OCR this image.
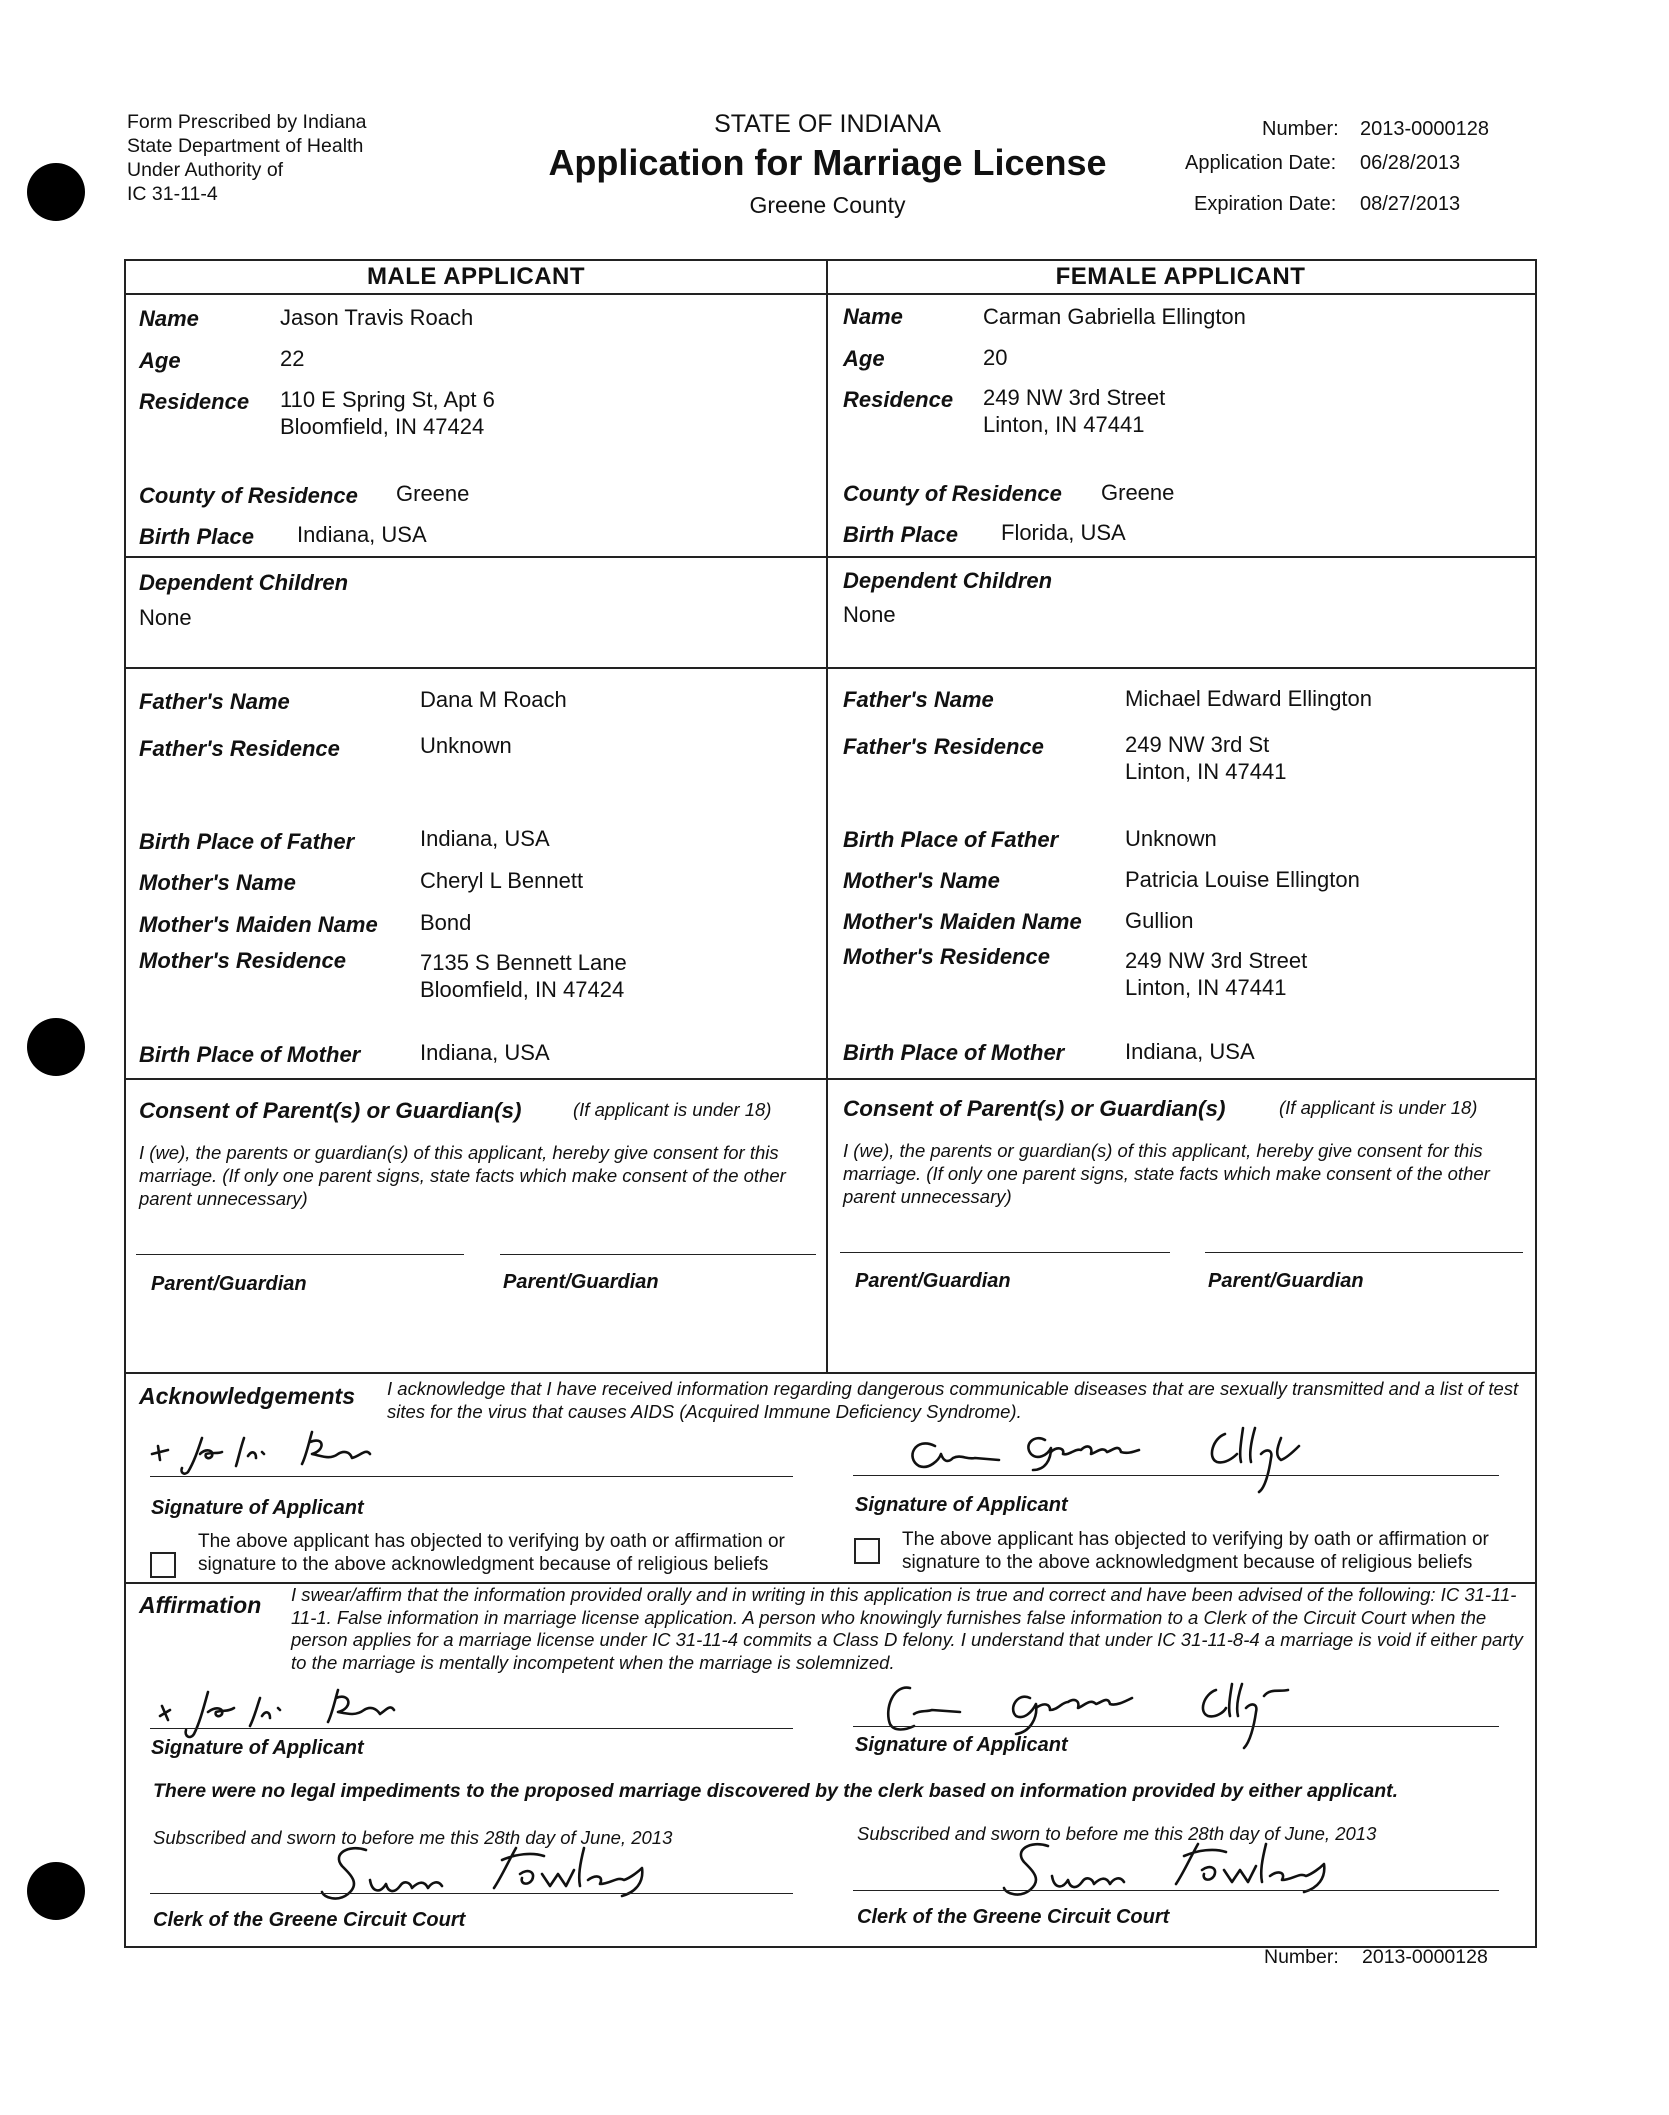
Form Prescribed by Indiana
State Department of Health
Under Authority of
IC 31-11-4
STATE OF INDIANA
Application for Marriage License
Greene County
Number: 2013-0000128
Application Date: 06/28/2013
Expiration Date: 08/27/2013
MALE APPLICANT	FEMALE APPLICANT
Name	Jason Travis Roach
Age	22
Residence 110 E Spring St, Apt 6
Bloomfield, IN 47424
County of Residence Greene
Birth Place Indiana, USA
Dependent Children
None
Father's Name	Dana M Roach
Father's Residence	Unknown
Birth Place of Father	Indiana, USA
Mother's Name	Cheryl L Bennett
Mother's Maiden Name Bond
Mother's Residence	7135 S Bennett Lane
Bloomfield, IN 47424
Birth Place of Mother	Indiana, USA
Name	Carman Gabriella Ellington
Age	20
Residence 249 NW 3rd Street
Linton, IN 47441
County of Residence Greene
Birth Place Florida, USA
Dependent Children
None
Father's Name	Michael Edward Ellington
Father's Residence	249 NW 3rd St
Linton, IN 47441
Birth Place of Father	Unknown
Mother's Name	Patricia Louise Ellington
Mother's Maiden Name Gullion
Mother's Residence	249 NW 3rd Street
Linton, IN 47441
Birth Place of Mother	Indiana, USA
Consent of Parent(s) or Guardian(s)	(If applicant is under 18)
I (we), the parents or guardian(s) of this applicant, hereby give consent for this marriage. (If only one parent signs, state facts which make consent of the other parent unnecessary)
Parent/Guardian	Parent/Guardian
Consent of Parent(s) or Guardian(s)	(If applicant is under 18)
I (we), the parents or guardian(s) of this applicant, hereby give consent for this marriage. (If only one parent signs, state facts which make consent of the other parent unnecessary)
Parent/Guardian	Parent/Guardian
Acknowledgements I acknowledge that I have received information regarding dangerous communicable diseases that are sexually transmitted and a list of test sites for the virus that causes AIDS (Acquired Immune Deficiency Syndrome).
Signature of Applicant
The above applicant has objected to verifying by oath or affirmation or signature to the above acknowledgment because of religious beliefs
Signature of Applicant
The above applicant has objected to verifying by oath or affirmation or signature to the above acknowledgment because of religious beliefs
Affirmation I swear/affirm that the information provided orally and in writing in this application is true and correct and have been advised of the following: IC 31-11-11-1. False information in marriage license application. A person who knowingly furnishes false information to a Clerk of the Circuit Court when the person applies for a marriage license under IC 31-11-4 commits a Class D felony. I understand that under IC 31-11-8-4 a marriage is void if either party to the marriage is mentally incompetent when the marriage is solemnized.
Signature of Applicant	Signature of Applicant
There were no legal impediments to the proposed marriage discovered by the clerk based on information provided by either applicant.
Subscribed and sworn to before me this 28th day of June, 2013
Clerk of the Greene Circuit Court
Subscribed and sworn to before me this 28th day of June, 2013
Clerk of the Greene Circuit Court
Number: 2013-0000128
